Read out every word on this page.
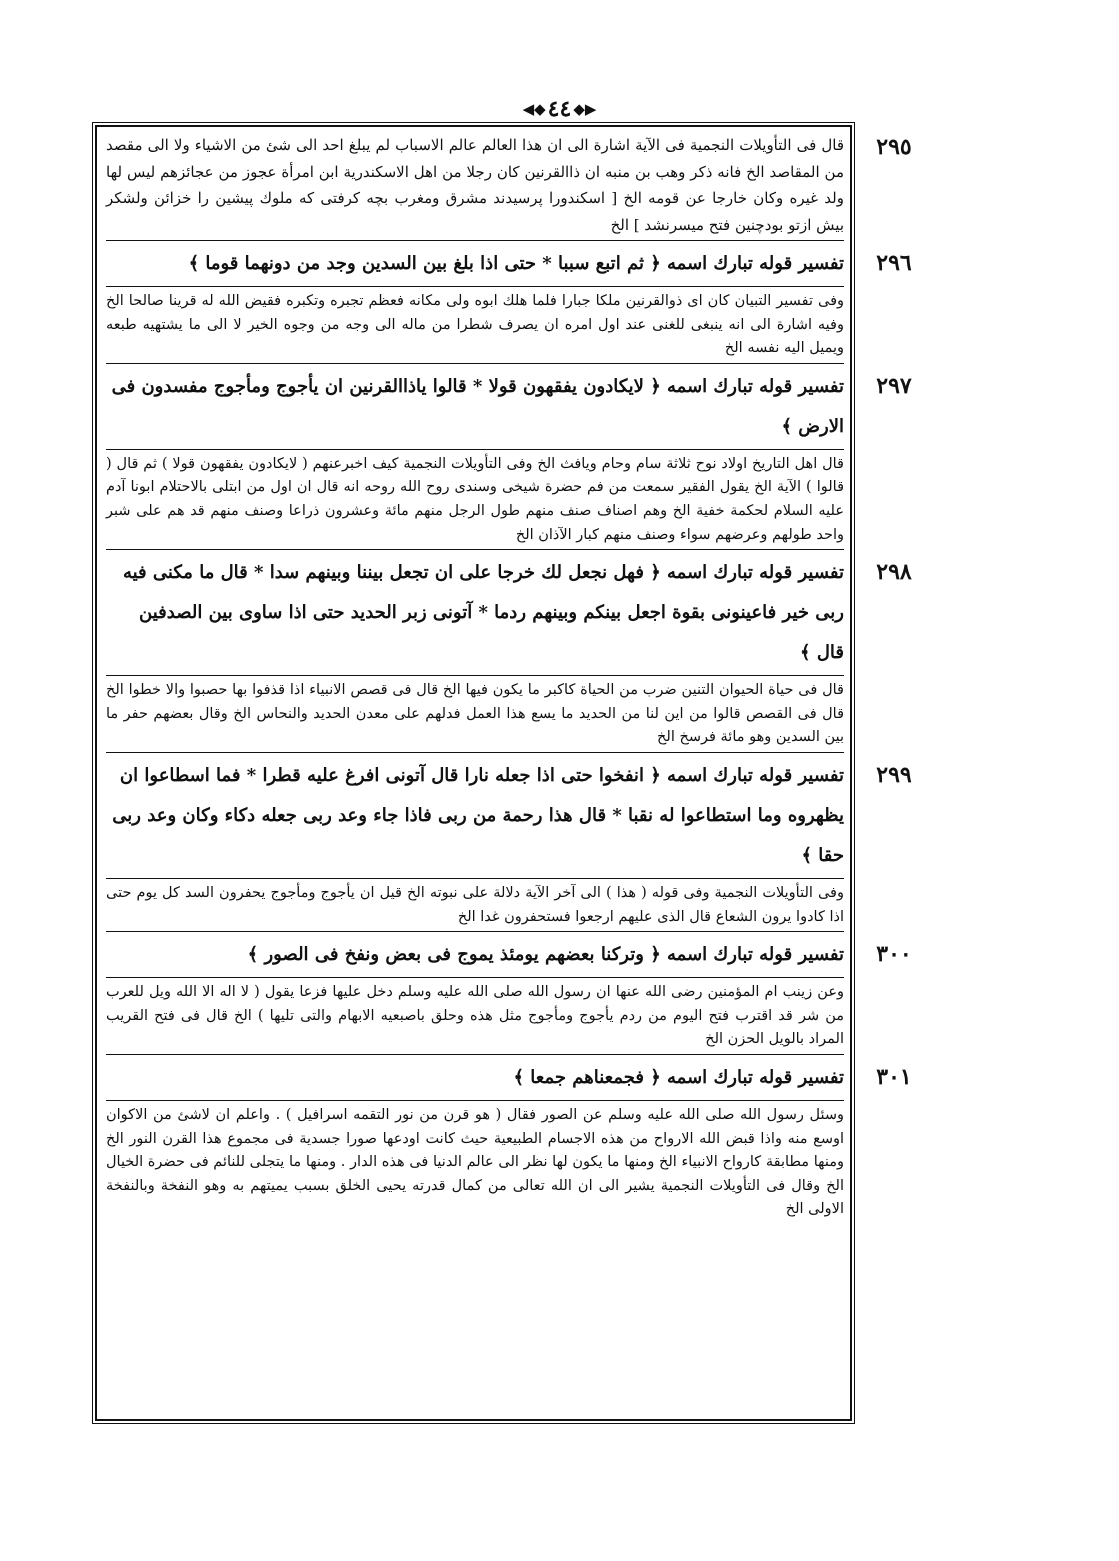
◀◆ ٤٤ ◆▶
٢٩٥
قال فى التأويلات النجمية فى الآية اشارة الى ان هذا العالم عالم الاسباب لم يبلغ احد الى شئ من الاشياء ولا الى مقصد من المقاصد الخ فانه ذكر وهب بن منبه ان ذاالقرنين كان رجلا من اهل الاسكندرية ابن امرأة عجوز من عجائزهم ليس لها ولد غيره وكان خارجا عن قومه الخ [ اسكندورا پرسيدند مشرق ومغرب بچه كرفتى كه ملوك پيشين را خزائن ولشكر بيش ازتو بودچنين فتح ميسرنشد ] الخ
٢٩٦
تفسير قوله تبارك اسمه ﴿ ثم اتبع سببا * حتى اذا بلغ بين السدين وجد من دونهما قوما ﴾
وفى تفسير التبيان كان اى ذوالقرنين ملكا جبارا فلما هلك ابوه ولى مكانه فعظم تجبره وتكبره فقيض الله له قرينا صالحا الخ وفيه اشارة الى انه ينبغى للغنى عند اول امره ان يصرف شطرا من ماله الى وجه من وجوه الخير لا الى ما يشتهيه طبعه ويميل اليه نفسه الخ
٢٩٧
تفسير قوله تبارك اسمه ﴿ لايكادون يفقهون قولا * قالوا ياذاالقرنين ان يأجوج ومأجوج مفسدون فى الارض ﴾
قال اهل التاريخ اولاد نوح ثلاثة سام وحام ويافث الخ وفى التأويلات النجمية كيف اخبرعنهم ( لايكادون يفقهون قولا ) ثم قال ( قالوا ) الآية الخ يقول الفقير سمعت من فم حضرة شيخى وسندى روح الله روحه انه قال ان اول من ابتلى بالاحتلام ابونا آدم عليه السلام لحكمة خفية الخ وهم اصناف صنف منهم طول الرجل منهم مائة وعشرون ذراعا وصنف منهم قد هم على شبر واحد طولهم وعرضهم سواء وصنف منهم كبار الآذان الخ
٢٩٨
تفسير قوله تبارك اسمه ﴿ فهل نجعل لك خرجا على ان تجعل بيننا وبينهم سدا * قال ما مكنى فيه ربى خير فاعينونى بقوة اجعل بينكم وبينهم ردما * آتونى زبر الحديد حتى اذا ساوى بين الصدفين قال ﴾
قال فى حياة الحيوان التنين ضرب من الحياة كاكبر ما يكون فيها الخ قال فى قصص الانبياء اذا قذفوا بها حصبوا والا خطوا الخ قال فى القصص قالوا من اين لنا من الحديد ما يسع هذا العمل فدلهم على معدن الحديد والنحاس الخ وقال بعضهم حفر ما بين السدين وهو مائة فرسخ الخ
٢٩٩
تفسير قوله تبارك اسمه ﴿ انفخوا حتى اذا جعله نارا قال آتونى افرغ عليه قطرا * فما اسطاعوا ان يظهروه وما استطاعوا له نقبا * قال هذا رحمة من ربى فاذا جاء وعد ربى جعله دكاء وكان وعد ربى حقا ﴾
وفى التأويلات النجمية وفى قوله ( هذا ) الى آخر الآية دلالة على نبوته الخ قيل ان يأجوج ومأجوج يحفرون السد كل يوم حتى اذا كادوا يرون الشعاع قال الذى عليهم ارجعوا فستحفرون غدا الخ
٣٠٠
تفسير قوله تبارك اسمه ﴿ وتركنا بعضهم يومئذ يموج فى بعض ونفخ فى الصور ﴾
وعن زينب ام المؤمنين رضى الله عنها ان رسول الله صلى الله عليه وسلم دخل عليها فزعا يقول ( لا اله الا الله ويل للعرب من شر قد اقترب فتح اليوم من ردم يأجوج ومأجوج مثل هذه وحلق باصبعيه الابهام والتى تليها ) الخ قال فى فتح القريب المراد بالويل الحزن الخ
٣٠١
تفسير قوله تبارك اسمه ﴿ فجمعناهم جمعا ﴾
وسئل رسول الله صلى الله عليه وسلم عن الصور فقال ( هو قرن من نور التقمه اسرافيل ) . واعلم ان لاشئ من الاكوان اوسع منه واذا قبض الله الارواح من هذه الاجسام الطبيعية حيث كانت اودعها صورا جسدية فى مجموع هذا القرن النور الخ ومنها مطابقة كارواح الانبياء الخ ومنها ما يكون لها نظر الى عالم الدنيا فى هذه الدار . ومنها ما يتجلى للنائم فى حضرة الخيال الخ وقال فى التأويلات النجمية يشير الى ان الله تعالى من كمال قدرته يحيى الخلق بسبب يميتهم به وهو النفخة وبالنفخة الاولى الخ
